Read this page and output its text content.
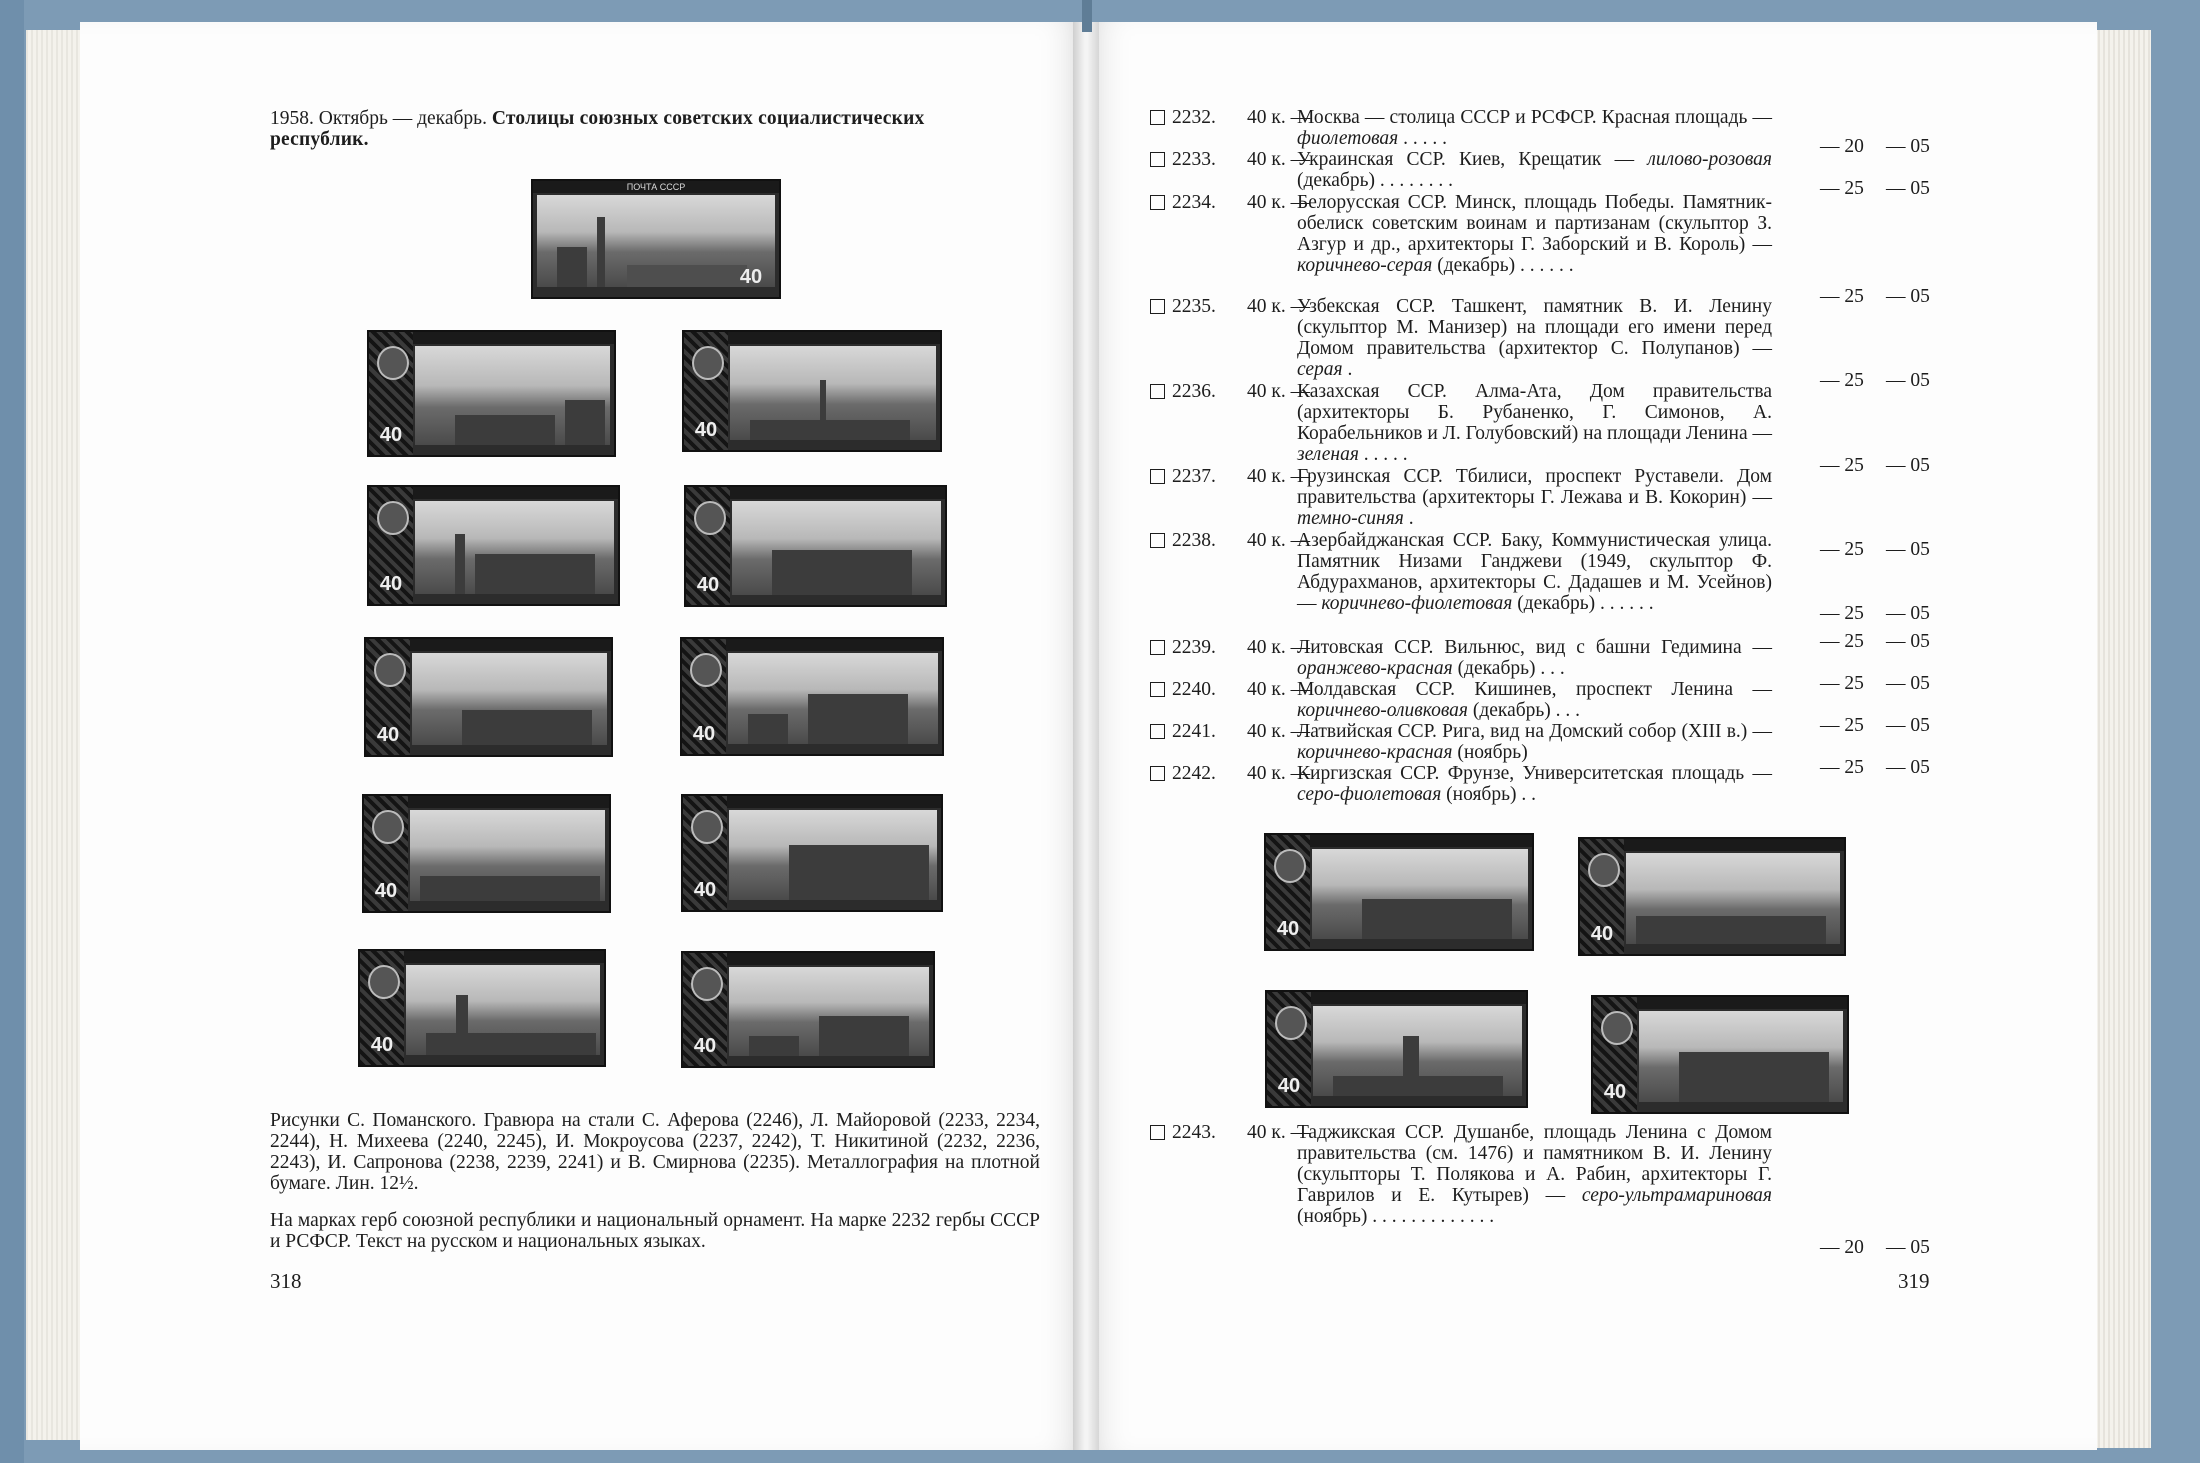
1958. Октябрь — декабрь. Столицы союзных советских социалистических
республик.
ПОЧТА СССР
40
40	40
40	40
40	40
40	40
40	40
Рисунки С. Поманского. Гравюра на стали С. Аферова (2246), Л. Майоровой (2233, 2234, 2244), Н. Михеева (2240, 2245), И. Мокроусова (2237, 2242), Т. Никитиной (2232, 2236, 2243), И. Сапронова (2238, 2239, 2241) и В. Смирнова (2235). Металлография на плотной бумаге. Лин. 12½.
На марках герб союзной республики и национальный орнамент. На марке 2232 гербы СССР и РСФСР. Текст на русском и национальных языках.
318
2232. 40 к. —
Москва — столица СССР и РСФСР. Красная площадь — фиолетовая . . . . .	— 20 — 05
2233. 40 к. —
Украинская ССР. Киев, Крещатик — лилово-розовая (декабрь) . . . . . . . .	— 25 — 05
2234. 40 к. —
Белорусская ССР. Минск, площадь Победы. Памятник-обелиск советским воинам и партизанам (скульптор З. Азгур и др., архитекторы Г. Заборский и В. Король) — коричнево-серая (декабрь) . . . . . .
— 25 — 05
2235. 40 к. —
Узбекская ССР. Ташкент, памятник В. И. Ленину (скульптор М. Манизер) на площади его имени перед Домом правительства (архитектор С. Полупанов) — серая .
— 25 — 05
2236. 40 к. —
Казахская ССР. Алма-Ата, Дом правительства (архитекторы Б. Рубаненко, Г. Симонов, А. Корабельников и Л. Голубовский) на площади Ленина — зеленая . . . . .
— 25 — 05
2237. 40 к. —
Грузинская ССР. Тбилиси, проспект Руставели. Дом правительства (архитекторы Г. Лежава и В. Кокорин) — темно-синяя .
— 25 — 05
2238. 40 к. —
Азербайджанская ССР. Баку, Коммунистическая улица. Памятник Низами Ганджеви (1949, скульптор Ф. Абдурахманов, архитекторы С. Дадашев и М. Усейнов) — коричнево-фиолетовая (декабрь) . . . . . .	— 25 — 05
2239. 40 к. —
Литовская ССР. Вильнюс, вид с башни Гедимина — оранжево-красная (декабрь) . . .
— 25 — 05
2240. 40 к. —
Молдавская ССР. Кишинев, проспект Ленина — коричнево-оливковая (декабрь) . . .
— 25 — 05
2241. 40 к. —
Латвийская ССР. Рига, вид на Домский собор (XIII в.) — коричнево-красная (ноябрь)
— 25 — 05
2242. 40 к. —
Киргизская ССР. Фрунзе, Университетская площадь — серо-фиолетовая (ноябрь) . .
— 25 — 05
2243. 40 к. —
Таджикская ССР. Душанбе, площадь Ленина с Домом правительства (см. 1476) и памятником В. И. Ленину (скульпторы Т. Полякова и А. Рабин, архитекторы Г. Гаврилов и Е. Кутырев) — серо-ультрамариновая (ноябрь) . . . . . . . . . . . . .
— 20 — 05
40	40
40	40
319
